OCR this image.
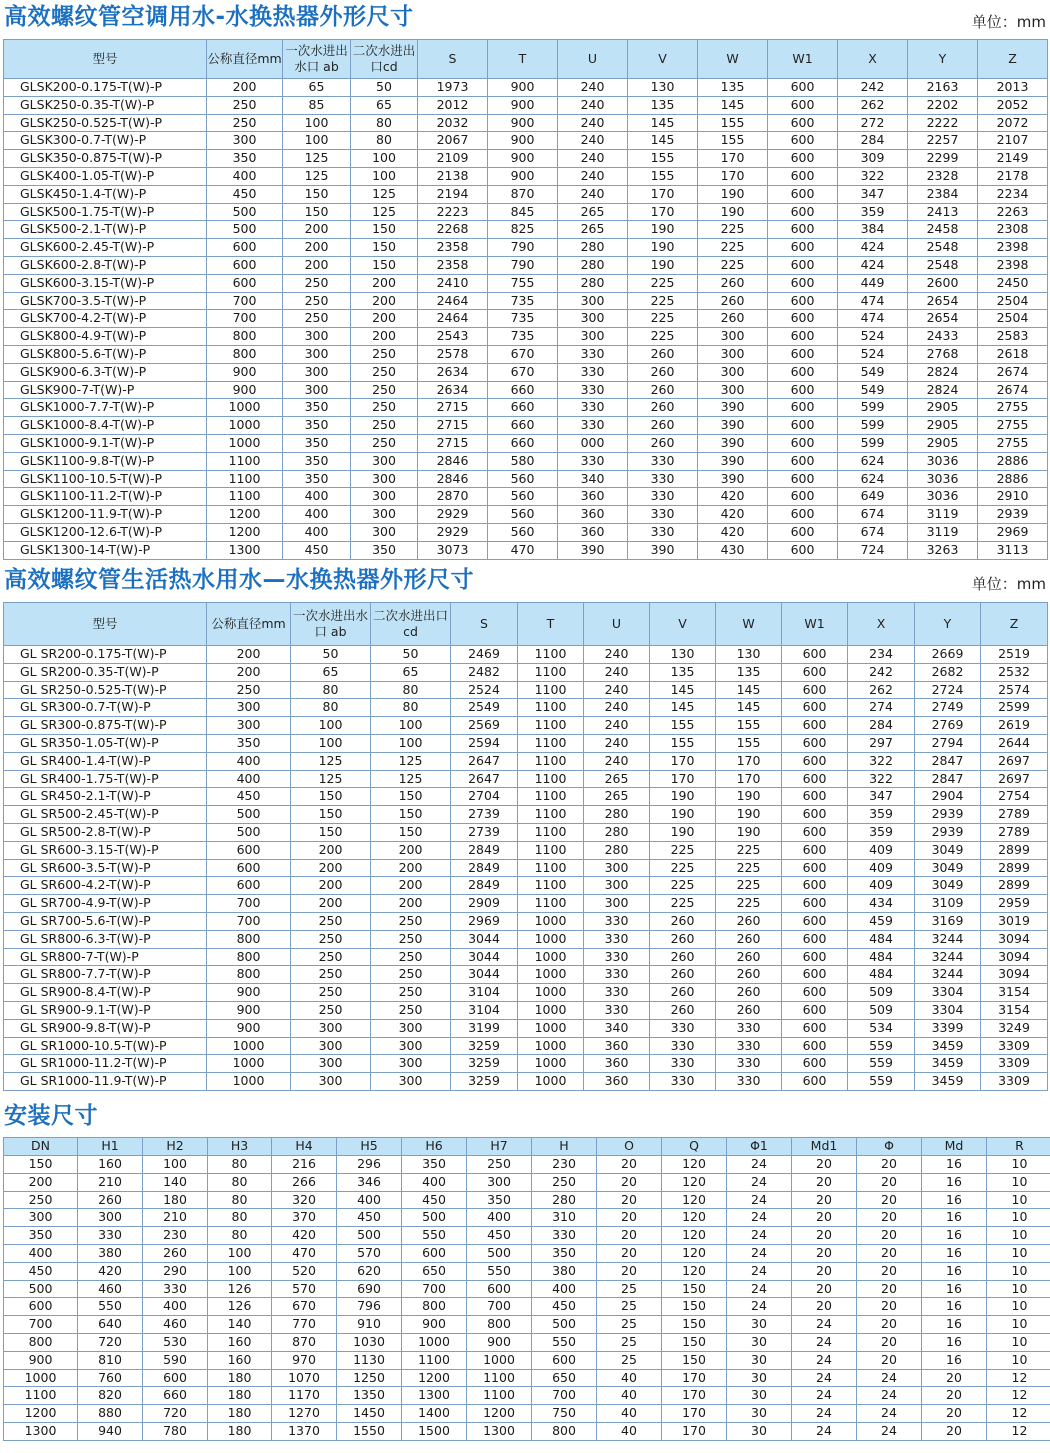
高效螺纹管空调用水-水换热器外形尺寸	单位：mm
型号	公称直径mm	一次水进出水口 ab	二次水进出口cd	S	T	U	V	W	W1	X	Y	Z
GLSK200-0.175-T(W)-P	200	65	50	1973	900	240	130	135	600	242	2163	2013
GLSK250-0.35-T(W)-P	250	85	65	2012	900	240	135	145	600	262	2202	2052
GLSK250-0.525-T(W)-P	250	100	80	2032	900	240	145	155	600	272	2222	2072
GLSK300-0.7-T(W)-P	300	100	80	2067	900	240	145	155	600	284	2257	2107
GLSK350-0.875-T(W)-P	350	125	100	2109	900	240	155	170	600	309	2299	2149
GLSK400-1.05-T(W)-P	400	125	100	2138	900	240	155	170	600	322	2328	2178
GLSK450-1.4-T(W)-P	450	150	125	2194	870	240	170	190	600	347	2384	2234
GLSK500-1.75-T(W)-P	500	150	125	2223	845	265	170	190	600	359	2413	2263
GLSK500-2.1-T(W)-P	500	200	150	2268	825	265	190	225	600	384	2458	2308
GLSK600-2.45-T(W)-P	600	200	150	2358	790	280	190	225	600	424	2548	2398
GLSK600-2.8-T(W)-P	600	200	150	2358	790	280	190	225	600	424	2548	2398
GLSK600-3.15-T(W)-P	600	250	200	2410	755	280	225	260	600	449	2600	2450
GLSK700-3.5-T(W)-P	700	250	200	2464	735	300	225	260	600	474	2654	2504
GLSK700-4.2-T(W)-P	700	250	200	2464	735	300	225	260	600	474	2654	2504
GLSK800-4.9-T(W)-P	800	300	200	2543	735	300	225	300	600	524	2433	2583
GLSK800-5.6-T(W)-P	800	300	250	2578	670	330	260	300	600	524	2768	2618
GLSK900-6.3-T(W)-P	900	300	250	2634	670	330	260	300	600	549	2824	2674
GLSK900-7-T(W)-P	900	300	250	2634	660	330	260	300	600	549	2824	2674
GLSK1000-7.7-T(W)-P	1000	350	250	2715	660	330	260	390	600	599	2905	2755
GLSK1000-8.4-T(W)-P	1000	350	250	2715	660	330	260	390	600	599	2905	2755
GLSK1000-9.1-T(W)-P	1000	350	250	2715	660	000	260	390	600	599	2905	2755
GLSK1100-9.8-T(W)-P	1100	350	300	2846	580	330	330	390	600	624	3036	2886
GLSK1100-10.5-T(W)-P	1100	350	300	2846	560	340	330	390	600	624	3036	2886
GLSK1100-11.2-T(W)-P	1100	400	300	2870	560	360	330	420	600	649	3036	2910
GLSK1200-11.9-T(W)-P	1200	400	300	2929	560	360	330	420	600	674	3119	2939
GLSK1200-12.6-T(W)-P	1200	400	300	2929	560	360	330	420	600	674	3119	2969
GLSK1300-14-T(W)-P	1300	450	350	3073	470	390	390	430	600	724	3263	3113
高效螺纹管生活热水用水—水换热器外形尺寸	单位：mm
型号	公称直径mm	一次水进出水口 ab	二次水进出口cd	S	T	U	V	W	W1	X	Y	Z
GL SR200-0.175-T(W)-P	200	50	50	2469	1100	240	130	130	600	234	2669	2519
GL SR200-0.35-T(W)-P	200	65	65	2482	1100	240	135	135	600	242	2682	2532
GL SR250-0.525-T(W)-P	250	80	80	2524	1100	240	145	145	600	262	2724	2574
GL SR300-0.7-T(W)-P	300	80	80	2549	1100	240	145	145	600	274	2749	2599
GL SR300-0.875-T(W)-P	300	100	100	2569	1100	240	155	155	600	284	2769	2619
GL SR350-1.05-T(W)-P	350	100	100	2594	1100	240	155	155	600	297	2794	2644
GL SR400-1.4-T(W)-P	400	125	125	2647	1100	240	170	170	600	322	2847	2697
GL SR400-1.75-T(W)-P	400	125	125	2647	1100	265	170	170	600	322	2847	2697
GL SR450-2.1-T(W)-P	450	150	150	2704	1100	265	190	190	600	347	2904	2754
GL SR500-2.45-T(W)-P	500	150	150	2739	1100	280	190	190	600	359	2939	2789
GL SR500-2.8-T(W)-P	500	150	150	2739	1100	280	190	190	600	359	2939	2789
GL SR600-3.15-T(W)-P	600	200	200	2849	1100	280	225	225	600	409	3049	2899
GL SR600-3.5-T(W)-P	600	200	200	2849	1100	300	225	225	600	409	3049	2899
GL SR600-4.2-T(W)-P	600	200	200	2849	1100	300	225	225	600	409	3049	2899
GL SR700-4.9-T(W)-P	700	200	200	2909	1100	300	225	225	600	434	3109	2959
GL SR700-5.6-T(W)-P	700	250	250	2969	1000	330	260	260	600	459	3169	3019
GL SR800-6.3-T(W)-P	800	250	250	3044	1000	330	260	260	600	484	3244	3094
GL SR800-7-T(W)-P	800	250	250	3044	1000	330	260	260	600	484	3244	3094
GL SR800-7.7-T(W)-P	800	250	250	3044	1000	330	260	260	600	484	3244	3094
GL SR900-8.4-T(W)-P	900	250	250	3104	1000	330	260	260	600	509	3304	3154
GL SR900-9.1-T(W)-P	900	250	250	3104	1000	330	260	260	600	509	3304	3154
GL SR900-9.8-T(W)-P	900	300	300	3199	1000	340	330	330	600	534	3399	3249
GL SR1000-10.5-T(W)-P	1000	300	300	3259	1000	360	330	330	600	559	3459	3309
GL SR1000-11.2-T(W)-P	1000	300	300	3259	1000	360	330	330	600	559	3459	3309
GL SR1000-11.9-T(W)-P	1000	300	300	3259	1000	360	330	330	600	559	3459	3309
安装尺寸
DN	H1	H2	H3	H4	H5	H6	H7	H	O	Q	Φ1	Md1	Φ	Md	R
150	160	100	80	216	296	350	250	230	20	120	24	20	20	16	10
200	210	140	80	266	346	400	300	250	20	120	24	20	20	16	10
250	260	180	80	320	400	450	350	280	20	120	24	20	20	16	10
300	300	210	80	370	450	500	400	310	20	120	24	20	20	16	10
350	330	230	80	420	500	550	450	330	20	120	24	20	20	16	10
400	380	260	100	470	570	600	500	350	20	120	24	20	20	16	10
450	420	290	100	520	620	650	550	380	20	120	24	20	20	16	10
500	460	330	126	570	690	700	600	400	25	150	24	20	20	16	10
600	550	400	126	670	796	800	700	450	25	150	24	20	20	16	10
700	640	460	140	770	910	900	800	500	25	150	30	24	20	16	10
800	720	530	160	870	1030	1000	900	550	25	150	30	24	20	16	10
900	810	590	160	970	1130	1100	1000	600	25	150	30	24	20	16	10
1000	760	600	180	1070	1250	1200	1100	650	40	170	30	24	24	20	12
1100	820	660	180	1170	1350	1300	1100	700	40	170	30	24	24	20	12
1200	880	720	180	1270	1450	1400	1200	750	40	170	30	24	24	20	12
1300	940	780	180	1370	1550	1500	1300	800	40	170	30	24	24	20	12
